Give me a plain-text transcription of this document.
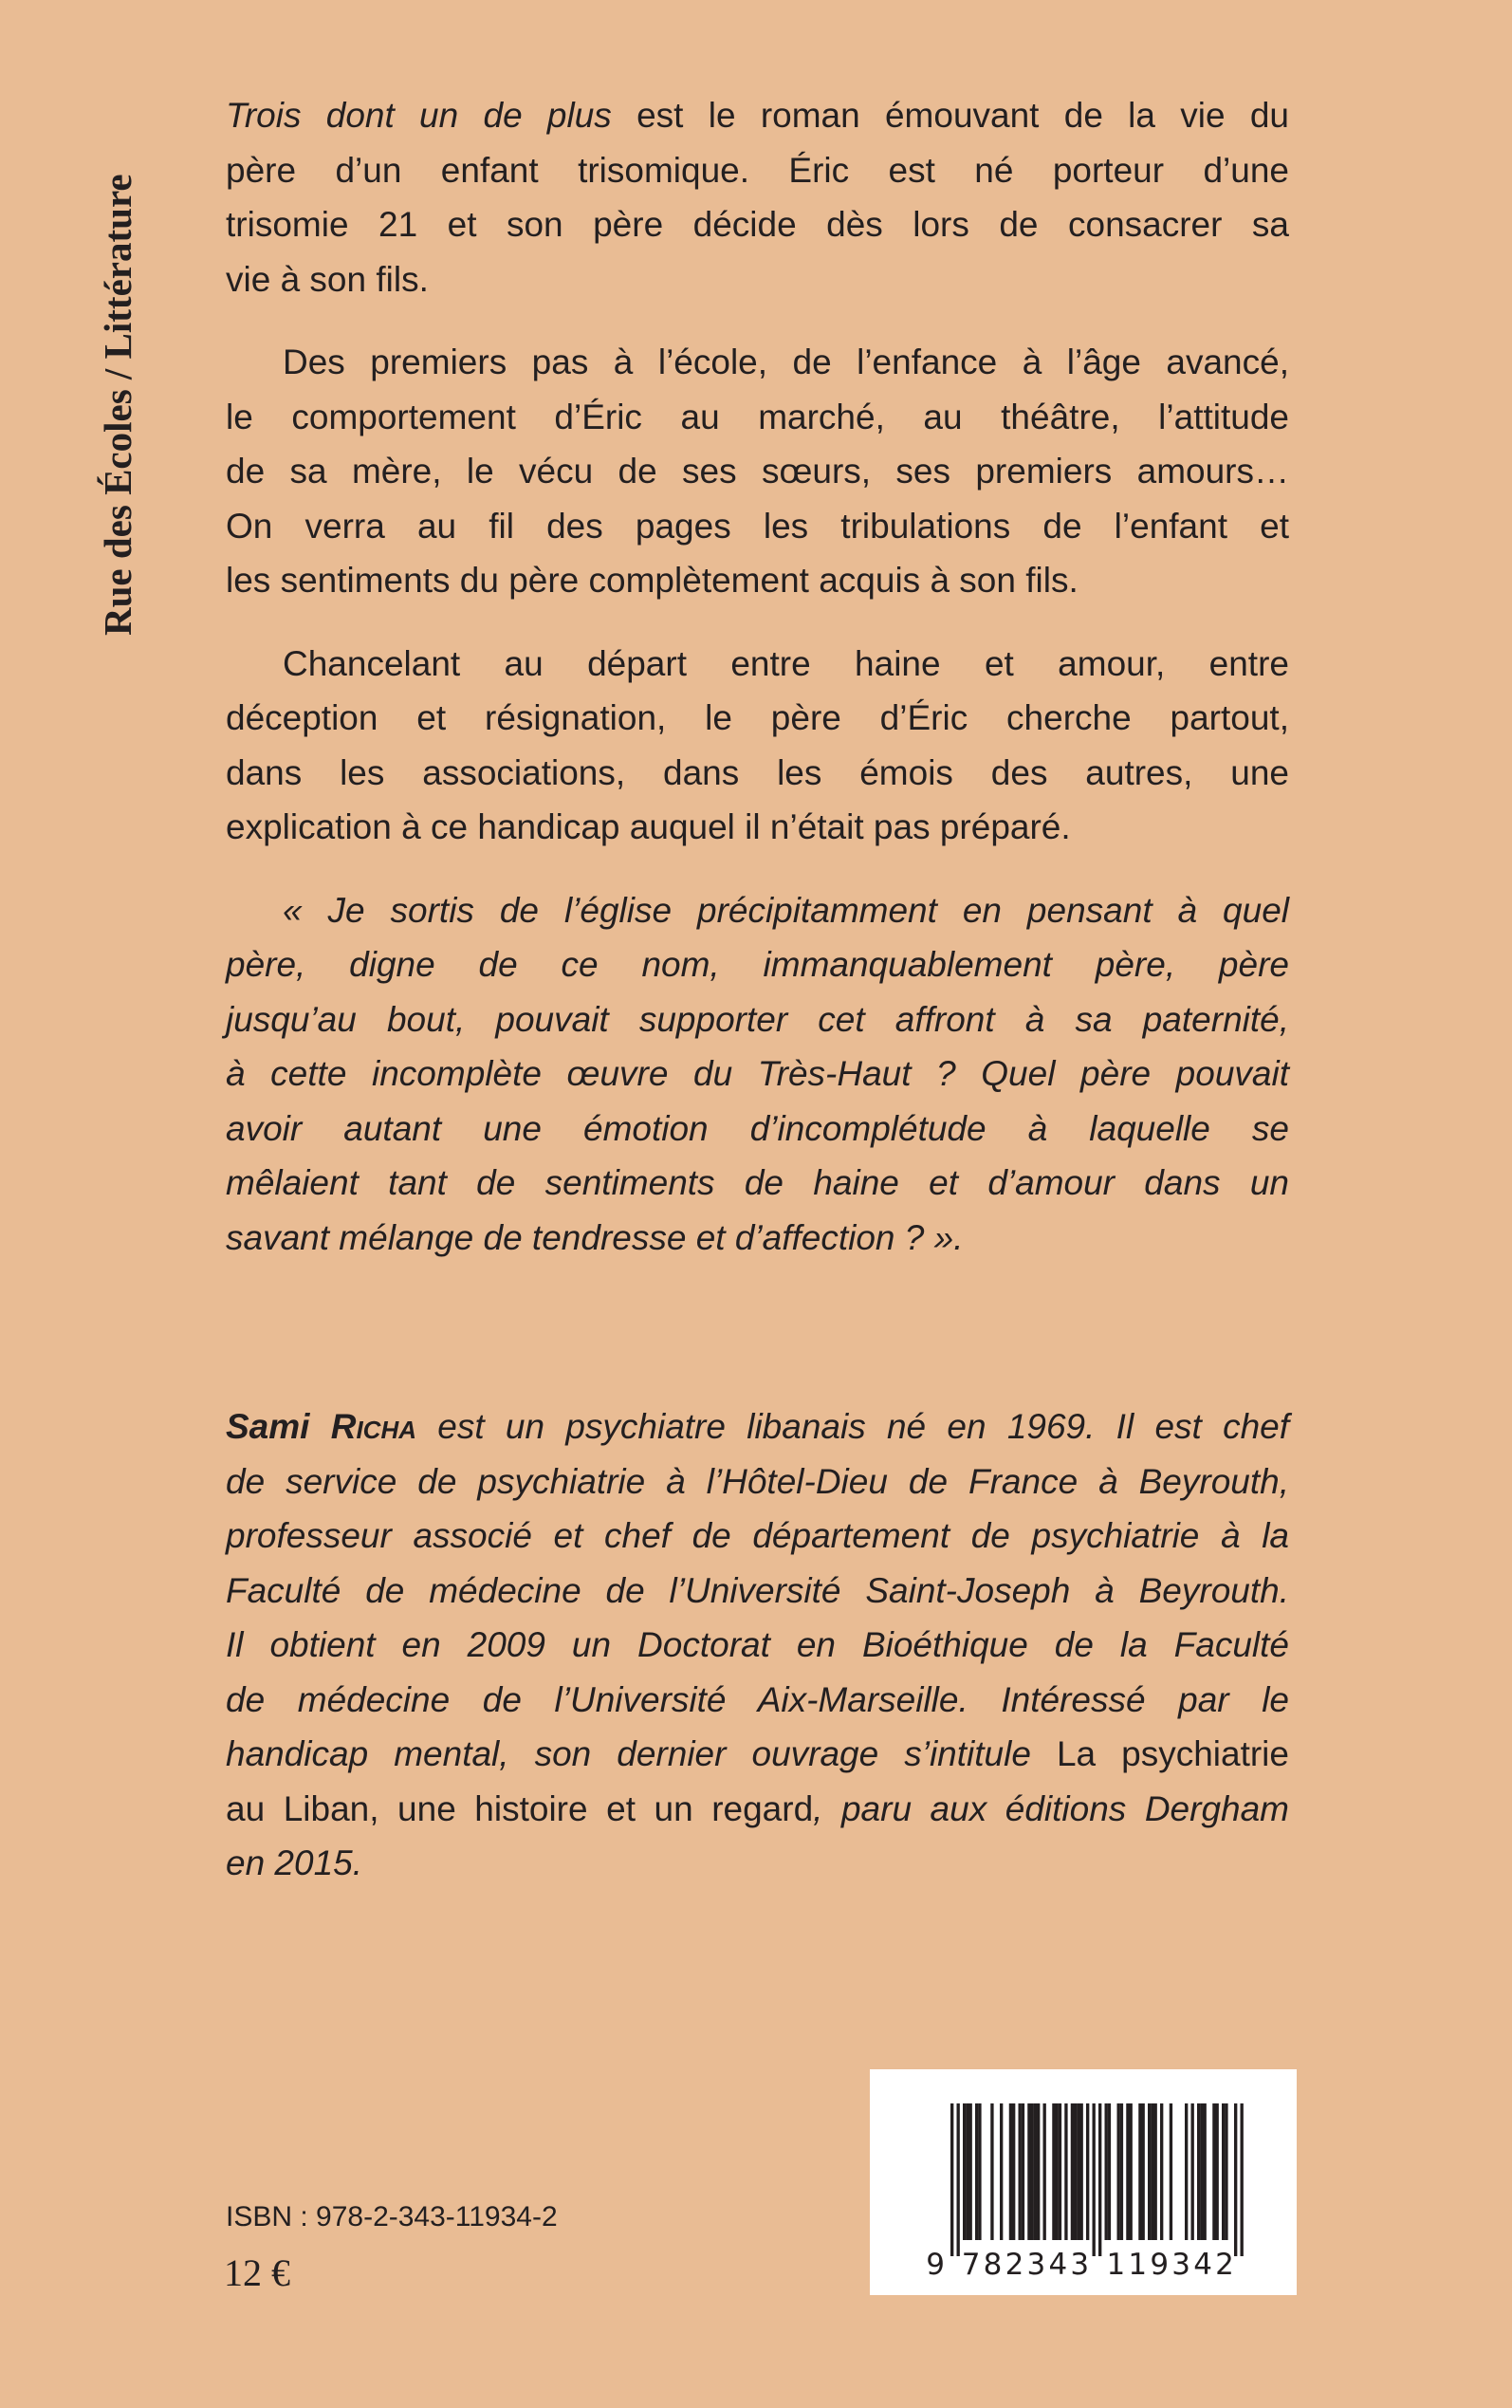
Rue des Écoles / Littérature
Trois dont un de plus est le roman émouvant de la vie du
père d’un enfant trisomique. Éric est né porteur d’une
trisomie 21 et son père décide dès lors de consacrer sa
vie à son fils.
Des premiers pas à l’école, de l’enfance à l’âge avancé,
le comportement d’Éric au marché, au théâtre, l’attitude
de sa mère, le vécu de ses sœurs, ses premiers amours…
On verra au fil des pages les tribulations de l’enfant et
les sentiments du père complètement acquis à son fils.
Chancelant au départ entre haine et amour, entre
déception et résignation, le père d’Éric cherche partout,
dans les associations, dans les émois des autres, une
explication à ce handicap auquel il n’était pas préparé.
« Je sortis de l’église précipitamment en pensant à quel
père, digne de ce nom, immanquablement père, père
jusqu’au bout, pouvait supporter cet affront à sa paternité,
à cette incomplète œuvre du Très-Haut ? Quel père pouvait
avoir autant une émotion d’incomplétude à laquelle se
mêlaient tant de sentiments de haine et d’amour dans un
savant mélange de tendresse et d’affection ? ».
Sami Richa est un psychiatre libanais né en 1969. Il est chef
de service de psychiatrie à l’Hôtel-Dieu de France à Beyrouth,
professeur associé et chef de département de psychiatrie à la
Faculté de médecine de l’Université Saint-Joseph à Beyrouth.
Il obtient en 2009 un Doctorat en Bioéthique de la Faculté
de médecine de l’Université Aix-Marseille. Intéressé par le
handicap mental, son dernier ouvrage s’intitule La psychiatrie
au Liban, une histoire et un regard, paru aux éditions Dergham
en 2015.
ISBN : 978-2-343-11934-2
12 €	9 782343 119342
